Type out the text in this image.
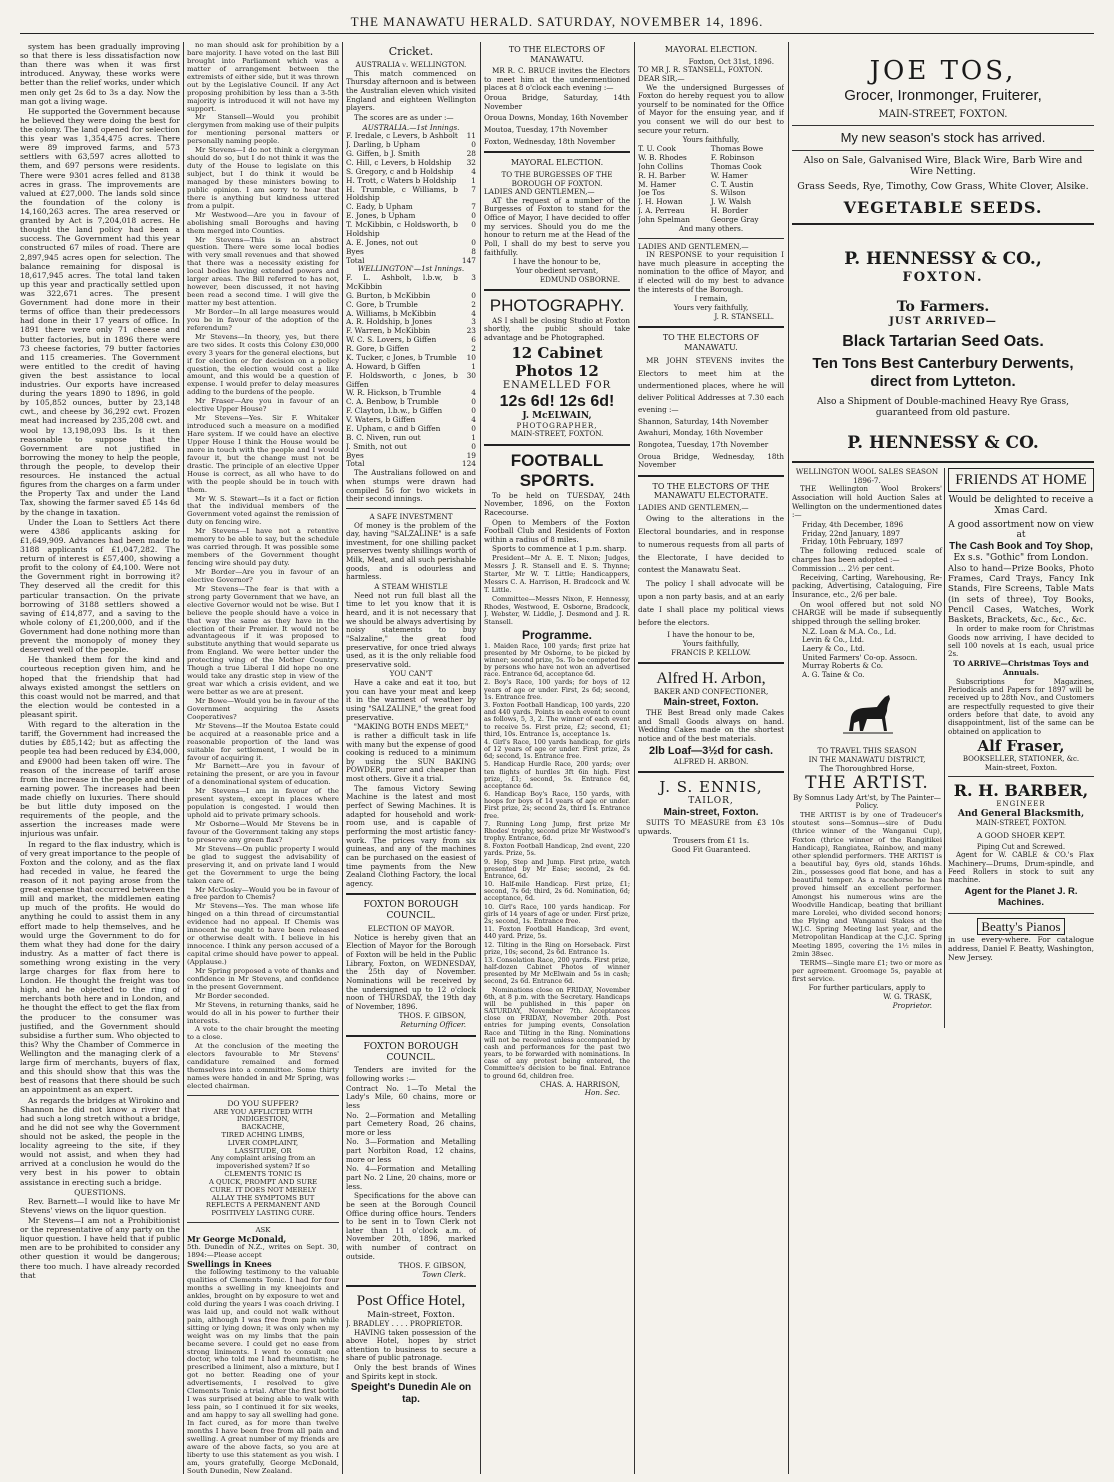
THE MANAWATU HERALD. SATURDAY, NOVEMBER 14, 1896.

system has been gradually improving so that there is less dissatisfaction now than there was when it was first introduced. Anyway, these works were better than the relief works, under which men only get 2s 6d to 3s a day. Now the man got a living wage.

He supported the Government because he believed they were doing the best for the colony. The land opened for selection this year was 1,354,475 acres. There were 89 improved farms, and 573 settlers with 63,597 acres allotted to them, and 697 persons were residents. There were 9301 acres felled and 8138 acres in grass. The improvements are valued at £27,000. The lands sold since the foundation of the colony is 14,160,263 acres. The area reserved or granted by Act is 7,204,018 acres. He thought the land policy had been a success. The Government had this year constructed 67 miles of road. There are 2,897,945 acres open for selection. The balance remaining for disposal is 18,617,945 acres. The total land taken up this year and practically settled upon was 322,671 acres. The present Government had done more in their terms of office than their predecessors had done in their 17 years of office. In 1891 there were only 71 cheese and butter factories, but in 1896 there were 73 cheese factories, 79 butter factories and 115 creameries. The Government were entitled to the credit of having given the best assistance to local industries. Our exports have increased during the years 1890 to 1896, in gold by 105,852 ounces, butter by 23,148 cwt., and cheese by 36,292 cwt. Frozen meat had increased by 235,208 cwt. and wool by 13,198,093 lbs. Is it then reasonable to suppose that the Government are not justified in borrowing the money to help the people, through the people, to develop their resources. He instanced the actual figures from the charges on a farm under the Property Tax and under the Land Tax, showing the farmer saved £5 14s 6d by the change in taxation.

Under the Loan to Settlers Act there were 4386 applicants asking for £1,649,909. Advances had been made to 3188 applicants of £1,047,282. The return of interest is £57,400, showing a profit to the colony of £4,100. Were not the Government right in borrowing it? They deserved all the credit for this particular transaction. On the private borrowing of 3188 settlers showed a saving of £14,877, and a saving to the whole colony of £1,200,000, and if the Government had done nothing more than prevent the monopoly of money they deserved well of the people.

He thanked them for the kind and courteous reception given him, and he hoped that the friendship that had always existed amongst the settlers on this coast would not be marred, and that the election would be contested in a pleasant spirit.

With regard to the alteration in the tariff, the Government had increased the duties by £85,142; but as affecting the people tea had been reduced by £34,000, and £9000 had been taken off wire. The reason of the increase of tariff arose from the increase in the people and their earning power. The increases had been made chiefly on luxuries. There should be but little duty imposed on the requirements of the people, and the assertion the increases made were injurious was unfair.

In regard to the flax industry, which is of very great importance to the people of Foxton and the colony, and as the flax had receded in value, he feared the reason of it not paying arose from the great expense that occurred between the mill and market, the middlemen eating up much of the profits. He would do anything he could to assist them in any effort made to help themselves, and he would urge the Government to do for them what they had done for the dairy industry. As a matter of fact there is something wrong existing in the very large charges for flax from here to London. He thought the freight was too high, and he objected to the ring of merchants both here and in London, and he thought the effect to get the flax from the producer to the consumer was justified, and the Government should subsidise a further sum. Who objected to this? Why the Chamber of Commerce in Wellington and the managing clerk of a large firm of merchants, buyers of flax, and this should show that this was the best of reasons that there should be such an appointment as an expert.

As regards the bridges at Wirokino and Shannon he did not know a river that had such a long stretch without a bridge, and he did not see why the Government should not be asked, the people in the locality agreeing to the site, if they would not assist, and when they had arrived at a conclusion he would do the very best in his power to obtain assistance in erecting such a bridge.

QUESTIONS.

Rev. Barnett—I would like to have Mr Stevens' views on the liquor question.

Mr Stevens—I am not a Prohibitionist or the representative of any party on the liquor question. I have held that if public men are to be prohibited to consider any other question it would be dangerous; there too much. I have already recorded that

no man should ask for prohibition by a bare majority. I have voted on the last Bill brought into Parliament which was a matter of arrangement between the extremists of either side, but it was thrown out by the Legislative Council. If any Act proposing prohibition by less than a 3-5th majority is introduced it will not have my support.

Mr Stansell—Would you prohibit clergymen from making use of their pulpits for mentioning personal matters or personally naming people.

Mr Stevens—I do not think a clergyman should do so, but I do not think it was the duty of the House to legislate on this subject, but I do think it would be managed by these ministers bowing to public opinion. I am sorry to hear that there is anything but kindness uttered from a pulpit.

Mr Westwood—Are you in favour of abolishing small Boroughs and having them merged into Counties.

Mr Stevens—This is an abstract question. There were some local bodies with very small revenues and that showed that there was a necessity existing for local bodies having extended powers and larger areas. The Bill referred to has not, however, been discussed, it not having been read a second time. I will give the matter my best attention.

Mr Border—In all large measures would you be in favour of the adoption of the referendum?

Mr Stevens—In theory, yes, but there are two sides. It costs this Colony £30,000 every 3 years for the general elections, but if for election or for decision on a policy question, the election would cost a like amount, and this would be a question of expense. I would prefer to delay measures adding to the burdens of the people.

Mr Fraser—Are you in favour of an elective Upper House?

Mr Stevens—Yes. Sir F. Whitaker introduced such a measure on a modified Hare system. If we could have an elective Upper House I think the House would be more in touch with the people and I would favour it, but the change must not be drastic. The principle of an elective Upper House is correct, as all who have to do with the people should be in touch with them.

Mr W. S. Stewart—Is it a fact or fiction that the individual members of the Government voted against the remission of duty on fencing wire.

Mr Stevens—I have not a retentive memory to be able to say, but the schedule was carried through. It was possible some members of the Government thought fencing wire should pay duty.

Mr Border—Are you in favour of an elective Governor?

Mr Stevens—The fear is that with a strong party Government that we have, an elective Governor would not be wise. But I believe the people should have a voice in that way the same as they have in the election of their Premier. It would not be advantageous if it was proposed to substitute anything that would separate us from England. We were better under the protecting wing of the Mother Country. Though a true Liberal I did hope no one would take any drastic step in view of the great war which a crisis evident, and we were better as we are at present.

Mr Bowe—Would you be in favour of the Government acquiring the Assets Cooperatives?

Mr Stevens—If the Moutoa Estate could be acquired at a reasonable price and a reasonable proportion of the land was suitable for settlement, I would be in favour of acquiring it.

Mr Barnett—Are you in favour of retaining the present, or are you in favour of a denominational system of education.

Mr Stevens—I am in favour of the present system, except in places where population is congested. I would then uphold aid to private primary schools.

Mr Osborne—Would Mr Stevens be in favour of the Government taking any steps to preserve any green flax?

Mr Stevens—On public property I would be glad to suggest the advisability of preserving it, and on private land I would get the Government to urge the being taken care of.

Mr McClosky—Would you be in favour of a free pardon to Chemis?

Mr Stevens—Yes. The man whose life hinged on a thin thread of circumstantial evidence had no appeal. If Chemis was innocent he ought to have been released or otherwise dealt with. I believe in his innocence. I think any person accused of a capital crime should have power to appeal. (Applause.)

Mr Spring proposed a vote of thanks and confidence in Mr Stevens, and confidence in the present Government.

Mr Border seconded.

Mr Stevens, in returning thanks, said he would do all in his power to further their interests.

A vote to the chair brought the meeting to a close.

At the conclusion of the meeting the electors favourable to Mr Stevens' candidature remained and formed themselves into a committee. Some thirty names were handed in and Mr Spring, was elected chairman.

DO YOU SUFFER?
ARE YOU AFFLICTED WITH
INDIGESTION,
BACKACHE,
TIRED ACHING LIMBS,
LIVER COMPLAINT,
LASSITUDE, OR
Any complaint arising from an impoverished system? If so
CLEMENTS TONIC IS
A QUICK, PROMPT AND SURE
CURE. IT DOES NOT MERELY
ALLAY THE SYMPTOMS BUT
REFLECTS A PERMANENT AND
POSITIVELY LASTING CURE.
ASK
Mr George McDonald,
5th. Dunedin of N.Z., writes on Sept. 30, 1894:—Please accept
Swellings in Knees

the following testimony to the valuable qualities of Clements Tonic. I had for four months a swelling in my kneejoints and ankles, brought on by exposure to wet and cold during the years I was coach driving. I was laid up, and could not walk without pain, although I was free from pain while sitting or lying down; it was only when my weight was on my limbs that the pain became severe. I could get no ease from strong liniments. I went to consult one doctor, who told me I had rheumatism; he prescribed a liniment, also a mixture, but I got no better. Reading one of your advertisements, I resolved to give Clements Tonic a trial. After the first bottle I was surprised at being able to walk with less pain, so I continued it for six weeks, and am happy to say all swelling had gone. In fact cured, as for more than twelve months I have been free from all pain and swelling. A great number of my friends are aware of the above facts, so you are at liberty to use this statement as you wish. I am, yours gratefully, George McDonald, South Dunedin, New Zealand.

Cricket.
AUSTRALIA v. WELLINGTON.

This match commenced on Thursday afternoon and is between the Australian eleven which visited England and eighteen Wellington players.

The scores are as under :—

AUSTRALIA.—1st Innings.
F. Iredale, c Levers, b Ashbolt	11
J. Darling, b Upham	0
G. Giffen, b J. Smith	28
C. Hill, c Levers, b Holdship	32
S. Gregory, c and b Holdship	4
H. Trott, c Waters b Holdship	1
H. Trumble, c Williams, b Holdship	7
C. Eady, b Upham	7
E. Jones, b Upham	0
T. McKibbin, c Holdsworth, b Holdship	0
A. E. Jones, not out	0
Byes	8
Total	147
WELLINGTON'—1st Innings.
F. L. Ashbolt, l.b.w, b McKibbin	3
G. Burton, b McKibbin	0
C. Gore, b Trumble	2
A. Williams, b McKibbin	4
A. R. Holdship, b Jones	3
F. Warren, b McKibbin	23
W. C. S. Lovers, b Giffen	6
R. Gore, b Giffen	2
K. Tucker, c Jones, b Trumble	10
A. Howard, b Giffen	1
F. Holdsworth, c Jones, b Giffen	30
W. R. Hickson, b Trumble	4
C. A. Benbow, b Trumble	0
F. Clayton, l.b.w., b Giffen	0
V. Waters, b Giffen	4
E. Upham, c and b Giffen	0
B. C. Niven, run out	1
J. Smith, not out	0
Byes	19
Total	124

The Australians followed on and when stumps were drawn had compiled 56 for two wickets in their second innings.

A SAFE INVESTMENT

Of money is the problem of the day, having "SALZALINE" is a safe investment, for one shilling packet preserves twenty shillings worth of Milk, Meat, and all such perishable goods, and is odourless and harmless.

A STEAM WHISTLE

Need not run full blast all the time to let you know that it is heard, and it is not necessary that we should be always advertising by noisy statements to buy "Salzaline," the great food preservative, for once tried always used, as it is the only reliable food preservative sold.

YOU CAN'T

Have a cake and eat it too, but you can have your meat and keep it in the warmest of weather by using "SALZALINE," the great food preservative.

"MAKING BOTH ENDS MEET,"

is rather a difficult task in life with many but the expense of good cooking is reduced to a minimum by using the SUN BAKING POWDER, purer and cheaper than most others. Give it a trial.

The famous Victory Sewing Machine is the latest and most perfect of Sewing Machines. It is adapted for household and work-room use, and is capable of performing the most artistic fancy-work. The prices vary from six guineas, and any of the machines can be purchased on the easiest of time payments from the New Zealand Clothing Factory, the local agency.

FOXTON BOROUGH COUNCIL.
ELECTION OF MAYOR.

Notice is hereby given that an Election of Mayor for the Borough of Foxton will be held in the Public Library, Foxton, on WEDNESDAY, the 25th day of November. Nominations will be received by the undersigned up to 12 o'clock noon of THURSDAY, the 19th day of November, 1896.

THOS. F. GIBSON,
Returning Officer.
FOXTON BOROUGH COUNCIL.

Tenders are invited for the following works :—

Contract No. 1—To Metal the Lady's Mile, 60 chains, more or less
No. 2—Formation and Metalling part Cemetery Road, 26 chains, more or less
No. 3—Formation and Metalling part Norbiton Road, 12 chains, more or less
No. 4—Formation and Metalling part No. 2 Line, 20 chains, more or less.

Specifications for the above can be seen at the Borough Council Office during office hours. Tenders to be sent in to Town Clerk not later than 11 o'clock a.m. of November 20th, 1896, marked with number of contract on outside.

THOS. F. GIBSON,
Town Clerk.
Post Office Hotel,
Main-street, Foxton.
J. BRADLEY . . . . PROPRIETOR.

HAVING taken possession of the above Hotel, hopes by strict attention to business to secure a share of public patronage.

Only the best brands of Wines and Spirits kept in stock.

Speight's Dunedin Ale on tap.
TO THE ELECTORS OF MANAWATU.

MR R. C. BRUCE invites the Electors to meet him at the undermentioned places at 8 o'clock each evening :—

Oroua Bridge, Saturday, 14th November
Oroua Downs, Monday, 16th November
Moutoa, Tuesday, 17th November
Foxton, Wednesday, 18th November
MAYORAL ELECTION.
TO THE BURGESSES OF THE BOROUGH OF FOXTON.
LADIES AND GENTLEMEN,—

AT the request of a number of the Burgesses of Foxton to stand for the Office of Mayor, I have decided to offer my services. Should you do me the honour to return me at the Head of the Poll, I shall do my best to serve you faithfully.

I have the honour to be,
Your obedient servant,
EDMUND OSBORNE.
PHOTOGRAPHY.

AS I shall be closing Studio at Foxton shortly, the public should take advantage and be Photographed.

12 Cabinet Photos 12
ENAMELLED FOR
12s 6d! 12s 6d!
J. McELWAIN,
PHOTOGRAPHER,
MAIN-STREET, FOXTON.
FOOTBALL SPORTS.

To be held on TUESDAY, 24th November, 1896, on the Foxton Racecourse.

Open to Members of the Foxton Football Club and Residents of Foxton within a radius of 8 miles.

Sports to commence at 1 p.m. sharp.

President—Mr A. E. T. Nixon; Judges, Messrs J. R. Stansell and E. S. Thynne; Starter, Mr W. T. Little; Handicappers, Messrs C. A. Harrison, H. Bradcock and W. T. Little.

Committee—Messrs Nixon, F. Hennessy, Rhodes, Westwood, E. Osborne, Bradcock, J. Webster, W. Liddle, J. Desmond and J. R. Stansell.

Programme.
1. Maiden Race, 100 yards; first prize hat presented by Mr Osborne, to be picked by winner; second prize, 5s. To be competed for by persons who have not won an advertised race. Entrance 6d, acceptance 6d.
2. Boy's Race, 100 yards; for boys of 12 years of age or under. First, 2s 6d; second, 1s. Entrance free.
3. Foxton Football Handicap, 100 yards, 220 and 440 yards. Points in each event to count as follows, 5, 3, 2. The winner of each event to receive 5s. First prize, £2; second, £1; third, 10s. Entrance 1s, acceptance 1s.
4. Girl's Race, 100 yards handicap, for girls of 12 years of age or under. First prize, 2s 6d; second, 1s. Entrance free.
5. Handicap Hurdle Race, 200 yards; over ten flights of hurdles 3ft 6in high. First prize, £1; second, 5s. Entrance 6d, acceptance 6d.
6. Handicap Boy's Race, 150 yards, with hoops for boys of 14 years of age or under. First prize, 2s; second 2s, third 1s. Entrance free.
7. Running Long Jump, first prize Mr Rhodes' trophy, second prize Mr Westwood's trophy. Entrance, 6d.
8. Foxton Football Handicap, 2nd event, 220 yards. Prize, 5s.
9. Hop, Step and Jump. First prize, watch presented by Mr Ease; second, 2s 6d. Entrance, 6d.
10. Half-mile Handicap. First prize, £1; second, 7s 6d; third, 2s 6d. Nomination, 6d; acceptance, 6d.
10. Girl's Race, 100 yards handicap. For girls of 14 years of age or under. First prize, 2s; second, 1s. Entrance free.
11. Foxton Football Handicap, 3rd event, 440 yard. Prize, 5s.
12. Tilting in the Ring on Horseback. First prize, 10s; second, 2s 6d. Entrance 1s.
13. Consolation Race, 200 yards. First prize, half-dozen Cabinet Photos of winner presented by Mr McElwain and 5s in cash; second, 2s 6d. Entrance 6d.

Nominations close on FRIDAY, November 6th, at 8 p.m. with the Secretary. Handicaps will be published in this paper on SATURDAY, November 7th. Acceptances close on FRIDAY, November 20th. Post entries for jumping events, Consolation Race and Tilting in the Ring. Nominations will not be received unless accompanied by cash and performances for the past two years, to be forwarded with nominations. In case of any protest being entered, the Committee's decision to be final. Entrance to ground 6d, children free.

CHAS. A. HARRISON,
Hon. Sec.
MAYORAL ELECTION.
Foxton, Oct 31st, 1896.
TO MR J. R. STANSELL, FOXTON.
DEAR SIR,—

We the undersigned Burgesses of Foxton do hereby request you to allow yourself to be nominated for the Office of Mayor for the ensuing year, and if you consent we will do our best to secure your return.

Yours faithfully,
T. U. Cook	Thomas Bowe
W. B. Rhodes	F. Robinson
John Collins	Thomas Cook
R. H. Barber	W. Hamer
M. Hamer	C. T. Austin
Joe Tos	S. Wilson
J. H. Howan	J. W. Walsh
J. A. Perreau	H. Border
John Spelman	George Gray
And many others.
LADIES AND GENTLEMEN,—

IN RESPONSE to your requisition I have much pleasure in accepting the nomination to the office of Mayor, and if elected will do my best to advance the interests of the Borough.

I remain,
Yours very faithfully,
J. R. STANSELL.
TO THE ELECTORS OF MANAWATU.

MR JOHN STEVENS invites the Electors to meet him at the undermentioned places, where he will deliver Political Addresses at 7.30 each evening :—

Shannon, Saturday, 14th November
Awahuri, Monday, 16th November
Rongotea, Tuesday, 17th November
Oroua Bridge, Wednesday, 18th November
TO THE ELECTORS OF THE MANAWATU ELECTORATE.
LADIES AND GENTLEMEN,—

Owing to the alterations in the Electoral boundaries, and in response to numerous requests from all parts of the Electorate, I have decided to contest the Manawatu Seat.

The policy I shall advocate will be upon a non party basis, and at an early date I shall place my political views before the electors.

I have the honour to be,
Yours faithfully,
FRANCIS P. KELLOW.
Alfred H. Arbon,
BAKER AND CONFECTIONER,
Main-street, Foxton.

THE Best Bread only made Cakes and Small Goods always on hand. Wedding Cakes made on the shortest notice and of the best materials.

2lb Loaf—3½d for cash.
ALFRED H. ARBON.
J. S. ENNIS,
TAILOR,
Main-street, Foxton.

SUITS TO MEASURE from £3 10s upwards.

Trousers from £1 1s.
Good Fit Guaranteed.
JOE TOS,
Grocer, Ironmonger, Fruiterer,
MAIN-STREET, FOXTON.
My new season's stock has arrived.
Also on Sale, Galvanised Wire, Black Wire, Barb Wire and Wire Netting.
Grass Seeds, Rye, Timothy, Cow Grass, White Clover, Alsike.
VEGETABLE SEEDS.
P. HENNESSY & CO.,
FOXTON.
To Farmers.
JUST ARRIVED—
Black Tartarian Seed Oats.
Ten Tons Best Canterbury Derwents, direct from Lytteton.
Also a Shipment of Double-machined Heavy Rye Grass, guaranteed from old pasture.
P. HENNESSY & CO.
WELLINGTON WOOL SALES SEASON 1896-7.

THE Wellington Wool Brokers' Association will hold Auction Sales at Wellington on the undermentioned dates :—

Friday, 4th December, 1896
Friday, 22nd January, 1897
Friday, 10th February, 1897

The following reduced scale of charges has been adopted :—

Commission ... 2½ per cent.

Receiving, Carting, Warehousing, Re-packing, Advertising, Cataloguing, Fire Insurance, etc., 2/6 per bale.

On wool offered but not sold NO CHARGE will be made if subsequently shipped through the selling broker.

N.Z. Loan & M.A. Co., Ld.
Levin & Co., Ltd.
Laery & Co., Ltd.
United Farmers' Co-op. Assocn.
Murray Roberts & Co.
A. G. Taine & Co.
TO TRAVEL THIS SEASON
IN THE MANAWATU DISTRICT,
The Thoroughbred Horse,
THE ARTIST.
By Somnus Lady Art'st, by The Painter—Policy.

THE ARTIST is by one of Tradeucer's stoutest sons—Somnus—sire of Dudu (thrice winner of the Wanganui Cup), Foxton (thrice winner of the Rangitikei Handicap), Rangiatea, Rainbow, and many other splendid performers. THE ARTIST is a beautiful bay, 6yrs old, stands 16hds. 2in., possesses good flat bone, and has a beautiful temper. As a racehorse he has proved himself an excellent performer. Amongst his numerous wins are the Woodville Handicap, beating that brilliant mare Lorelei, who divided second honors; the Flying and Wanganui Stakes at the W.J.C. Spring Meeting last year, and the Metropolitan Handicap at the C.J.C. Spring Meeting 1895, covering the 1½ miles in 2min 38sec.

TERMS—Single mare £1; two or more as per agreement. Groomage 5s, payable at first service.

For further particulars, apply to
W. G. TRASK,
Proprietor.
FRIENDS AT HOME
Would be delighted to receive a Xmas Card.
A good assortment now on view at
The Cash Book and Toy Shop,
Ex s.s. "Gothic" from London.
Also to hand—Prize Books, Photo Frames, Card Trays, Fancy Ink Stands, Fire Screens, Table Mats (in sets of three), Toy Books, Pencil Cases, Watches, Work Baskets, Brackets, &c., &c., &c.

In order to make room for Christmas Goods now arriving, I have decided to sell 100 novels at 1s each, usual price 2s.

TO ARRIVE—Christmas Toys and Annuals.

Subscriptions for Magazines, Periodicals and Papers for 1897 will be received up to 28th Nov., and Customers are respectfully requested to give their orders before that date, to avoid any disappointment, list of the same can be obtained on application to

Alf Fraser,
BOOKSELLER, STATIONER, &c.
Main-street, Foxton.
R. H. BARBER,
ENGINEER
And General Blacksmith,
MAIN-STREET, FOXTON.
A GOOD SHOER KEPT.
Piping Cut and Screwed.

Agent for W. CABLE & CO.'s Flax Machinery—Drums, Drum-spindle, and Feed Rollers in stock to suit any machine.

Agent for the Planet J. R. Machines.
Beatty's Pianos
in use every-where. For catalogue address, Daniel F. Beatty, Washington, New Jersey.
